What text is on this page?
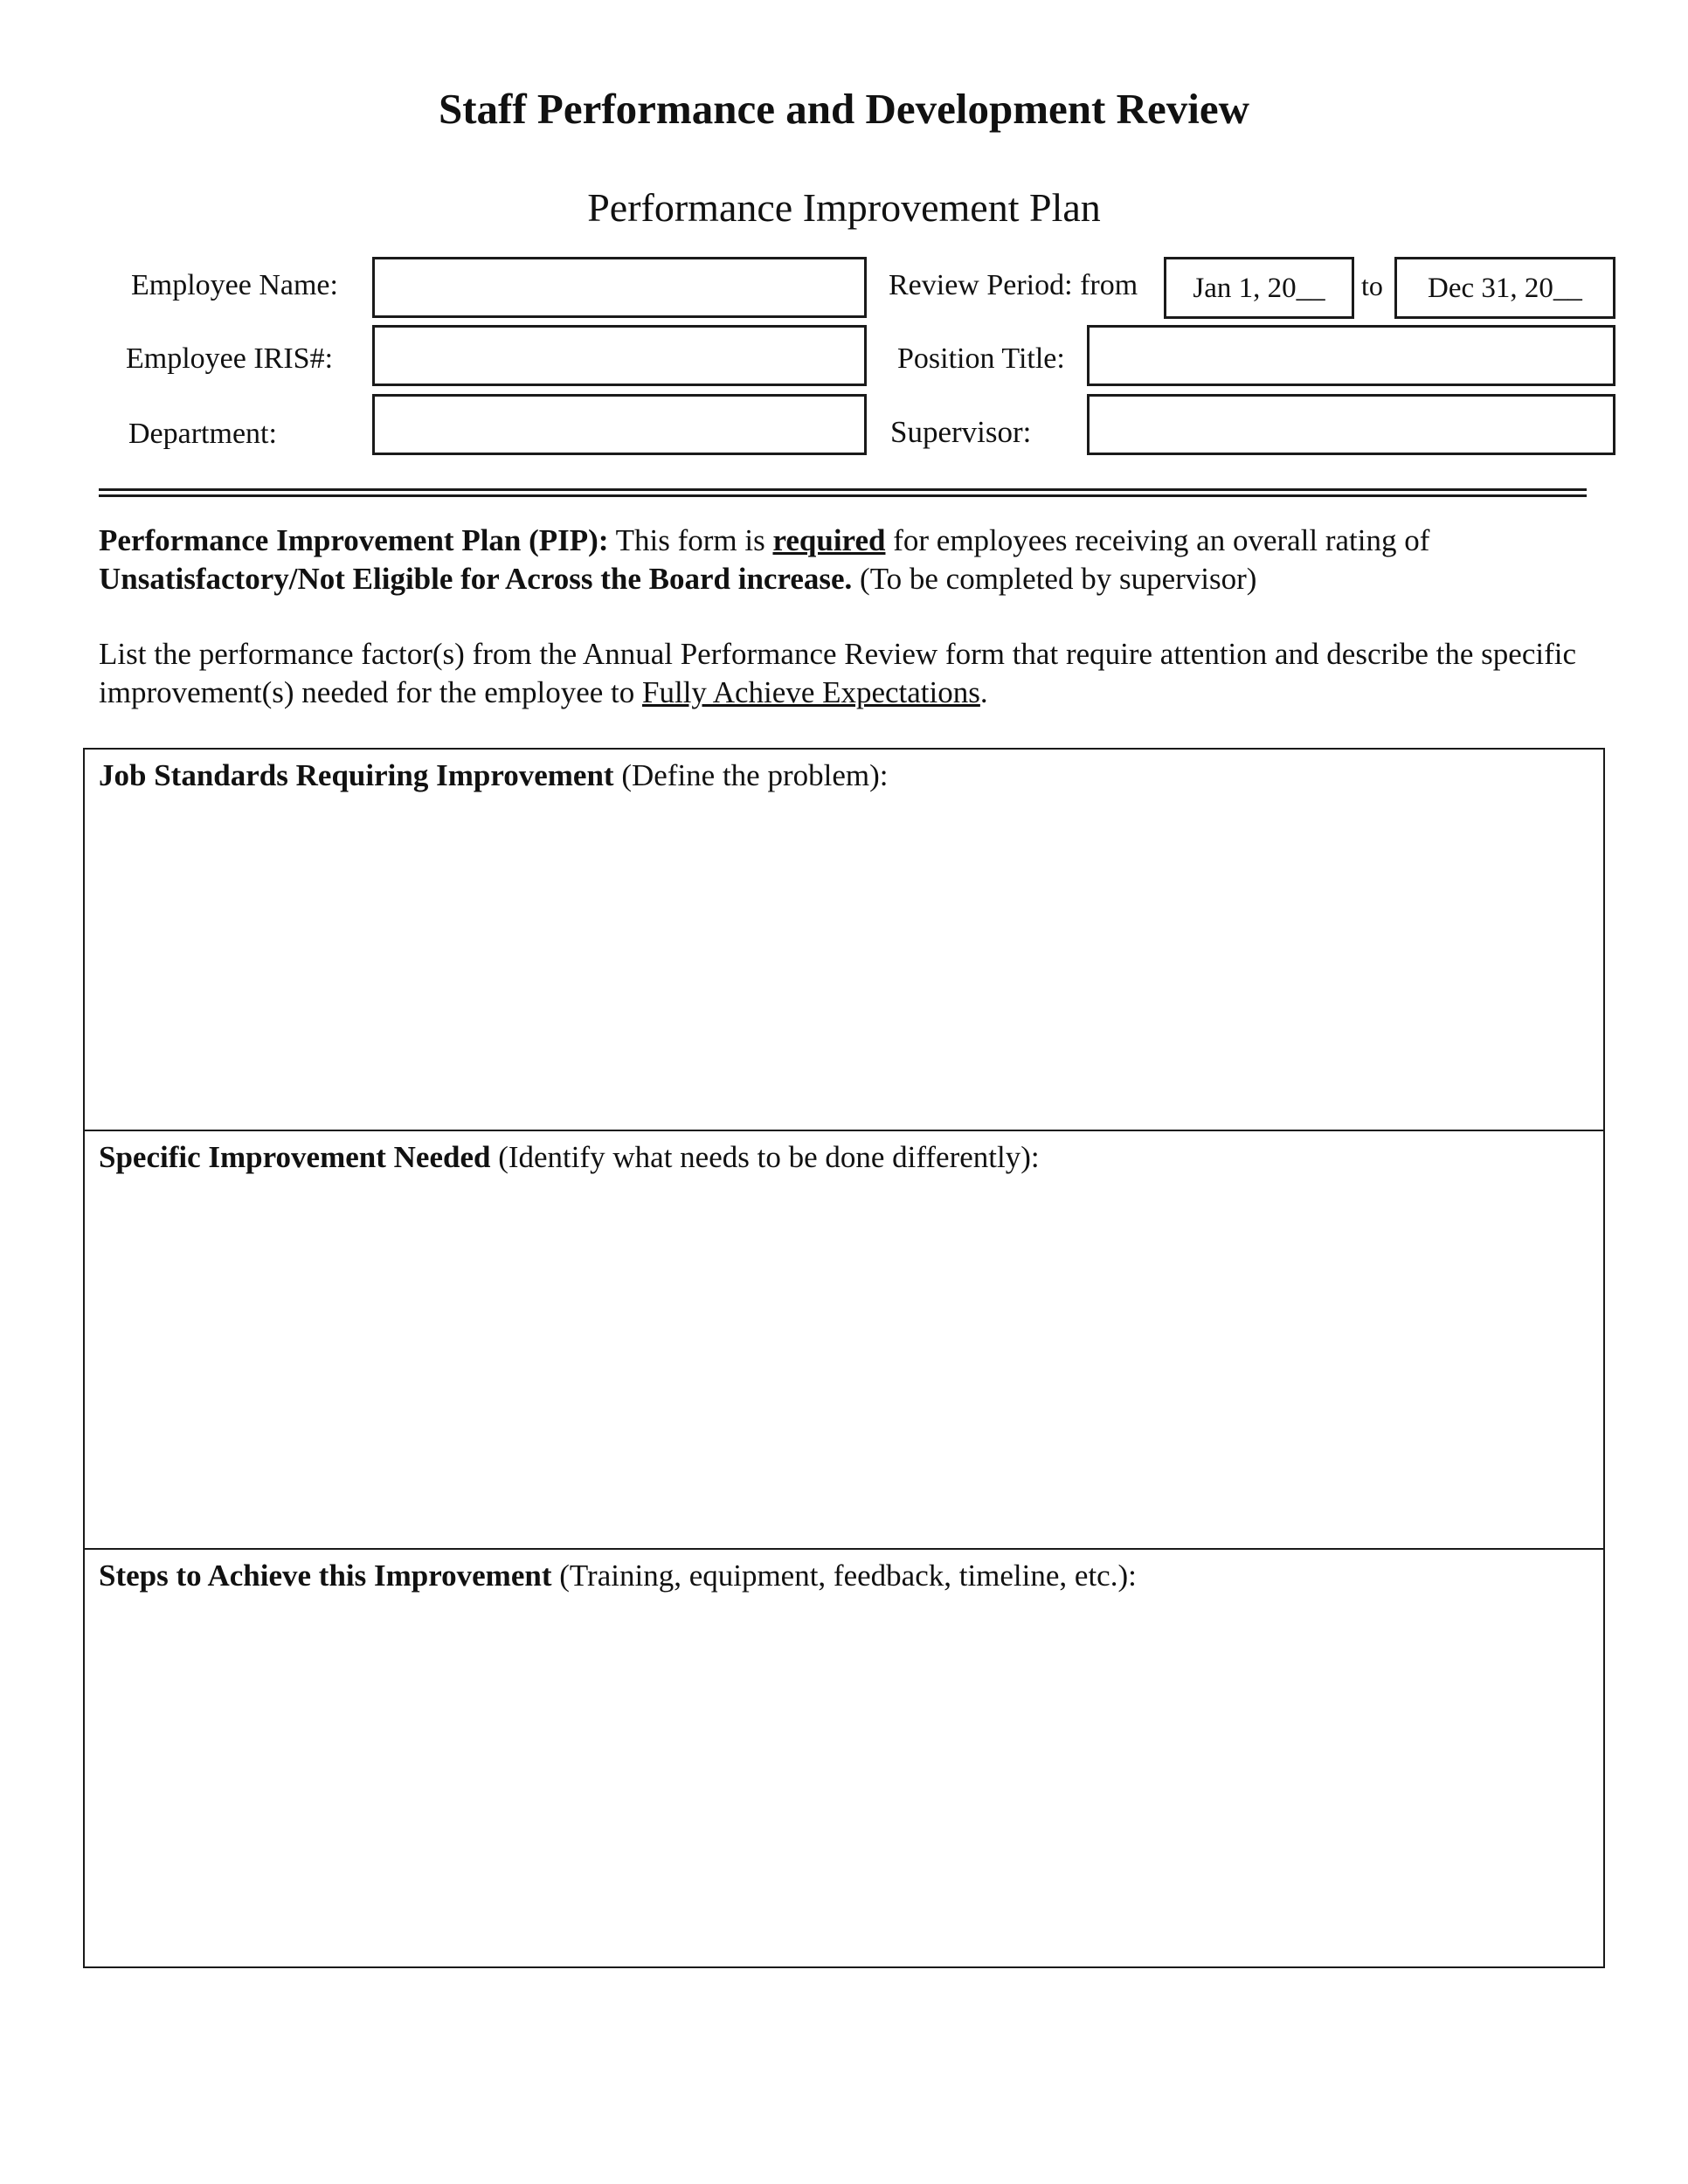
Staff Performance and Development Review
Performance Improvement Plan
Employee Name:	Review Period: from	Jan 1, 20__	to	Dec 31, 20__
Employee IRIS#:	Position Title:
Department:	Supervisor:
Performance Improvement Plan (PIP): This form is required for employees receiving an overall rating of Unsatisfactory/Not Eligible for Across the Board increase. (To be completed by supervisor)
List the performance factor(s) from the Annual Performance Review form that require attention and describe the specific improvement(s) needed for the employee to Fully Achieve Expectations.
Job Standards Requiring Improvement (Define the problem):
Specific Improvement Needed (Identify what needs to be done differently):
Steps to Achieve this Improvement (Training, equipment, feedback, timeline, etc.):
